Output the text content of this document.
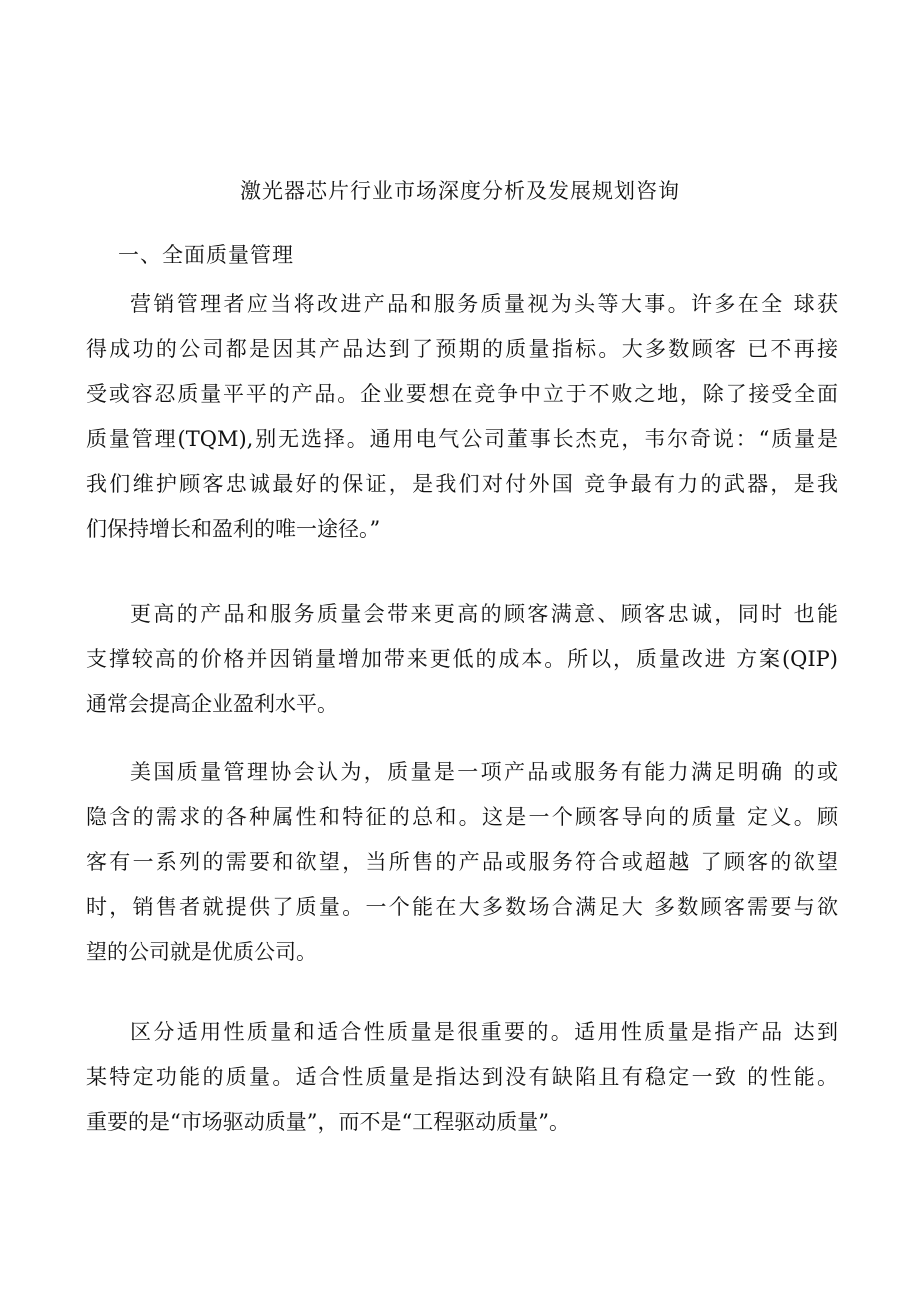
激光器芯片行业市场深度分析及发展规划咨询
一、全面质量管理
营销管理者应当将改进产品和服务质量视为头等大事。许多在全 球获
得成功的公司都是因其产品达到了预期的质量指标。大多数顾客 已不再接
受或容忍质量平平的产品。企业要想在竞争中立于不败之地，除了接受全面
质量管理(TQM),别无选择。通用电气公司董事长杰克，韦尔奇说：“质量是
我们维护顾客忠诚最好的保证，是我们对付外国 竞争最有力的武器，是我
们保持增长和盈利的唯一途径。”
更高的产品和服务质量会带来更高的顾客满意、顾客忠诚，同时 也能
支撑较高的价格并因销量增加带来更低的成本。所以，质量改进 方案(QIP)
通常会提高企业盈利水平。
美国质量管理协会认为，质量是一项产品或服务有能力满足明确 的或
隐含的需求的各种属性和特征的总和。这是一个顾客导向的质量 定义。顾
客有一系列的需要和欲望，当所售的产品或服务符合或超越 了顾客的欲望
时，销售者就提供了质量。一个能在大多数场合满足大 多数顾客需要与欲
望的公司就是优质公司。
区分适用性质量和适合性质量是很重要的。适用性质量是指产品 达到
某特定功能的质量。适合性质量是指达到没有缺陷且有稳定一致 的性能。
重要的是“市场驱动质量”，而不是“工程驱动质量”。
